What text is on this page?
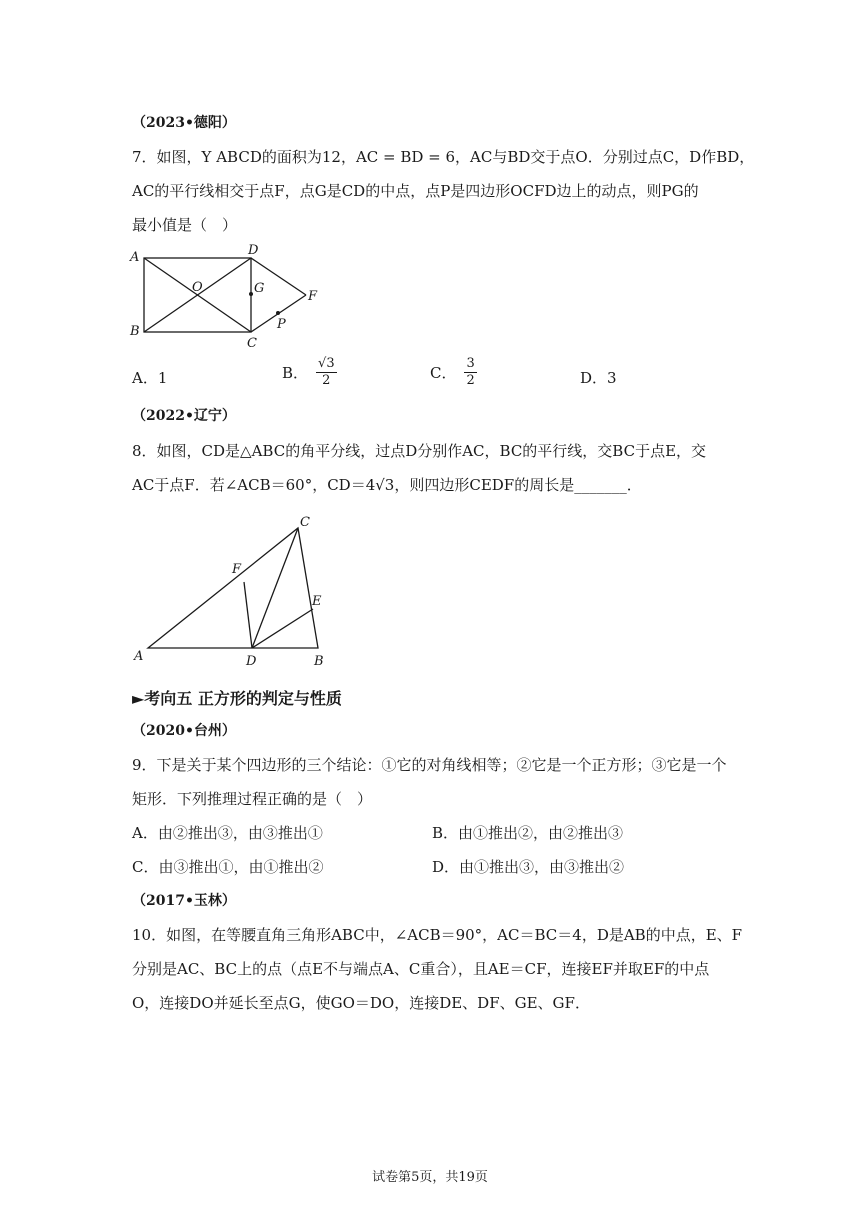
（2023•德阳）
7．如图，Y ABCD的面积为12，AC = BD = 6，AC与BD交于点O．分别过点C，D作BD，
AC的平行线相交于点F，点G是CD的中点，点P是四边形OCFD边上的动点，则PG的
最小值是（　）
A
B
C
D
O	G
F
P
A．1	B． $\frac{√3}{2}$	C． $\frac{3}{2}$	D．3
（2022•辽宁）
8．如图，CD是△ABC的角平分线，过点D分别作AC，BC的平行线，交BC于点E，交
AC于点F．若∠ACB＝60°，CD＝4√3，则四边形CEDF的周长是_______．
A	B
C
D
E
F
►考向五 正方形的判定与性质
（2020•台州）
9．下是关于某个四边形的三个结论：①它的对角线相等；②它是一个正方形；③它是一个
矩形．下列推理过程正确的是（　）
A．由②推出③，由③推出①	B．由①推出②，由②推出③
C．由③推出①，由①推出②	D．由①推出③，由③推出②
（2017•玉林）
10．如图，在等腰直角三角形ABC中，∠ACB＝90°，AC＝BC＝4，D是AB的中点，E、F
分别是AC、BC上的点（点E不与端点A、C重合），且AE＝CF，连接EF并取EF的中点
O，连接DO并延长至点G，使GO＝DO，连接DE、DF、GE、GF．
试卷第5页，共19页
